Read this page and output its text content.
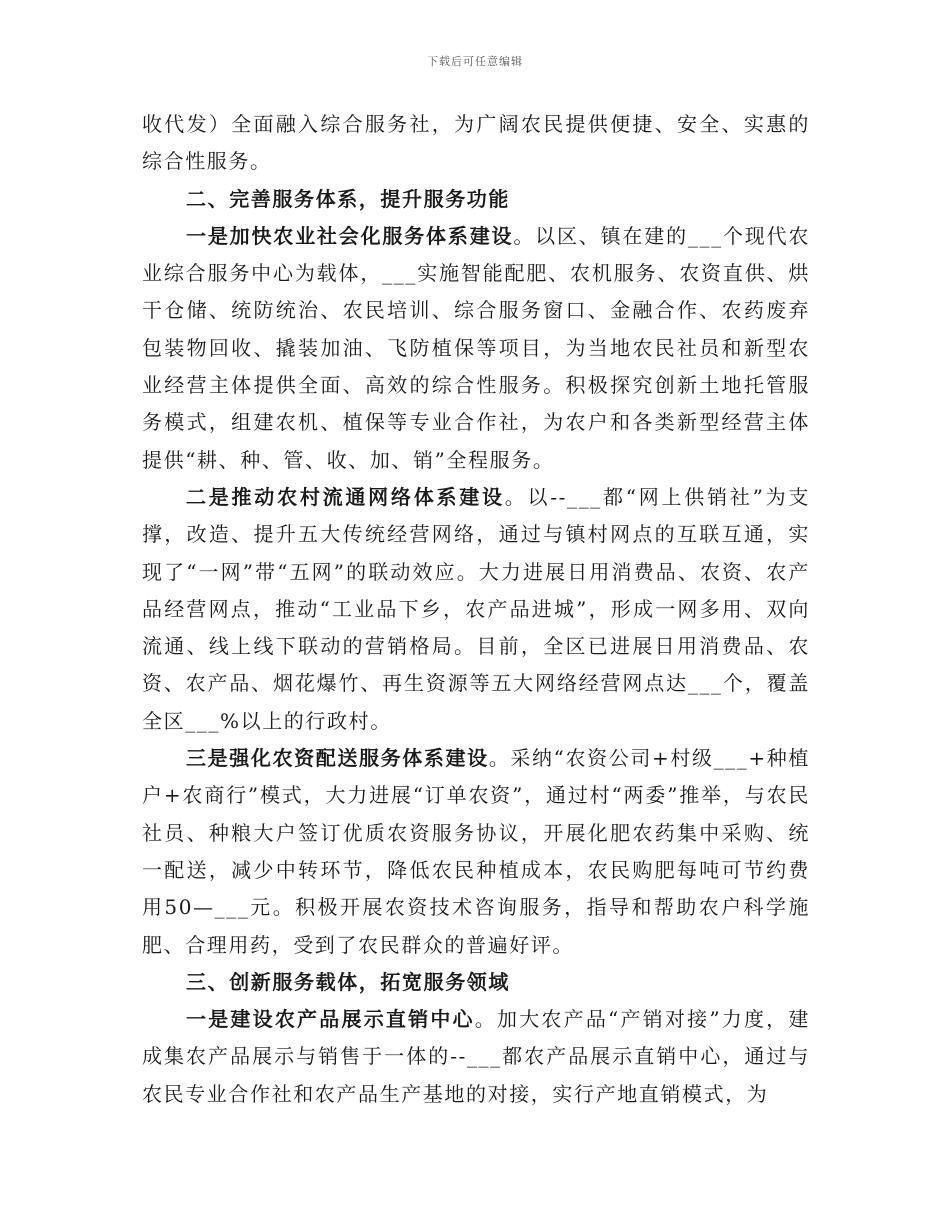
下载后可任意编辑

收代发）全面融入综合服务社，为广阔农民提供便捷、安全、实惠的综合性服务。

二、完善服务体系，提升服务功能

一是加快农业社会化服务体系建设。以区、镇在建的___个现代农业综合服务中心为载体，___实施智能配肥、农机服务、农资直供、烘干仓储、统防统治、农民培训、综合服务窗口、金融合作、农药废弃包装物回收、撬装加油、飞防植保等项目，为当地农民社员和新型农业经营主体提供全面、高效的综合性服务。积极探究创新土地托管服务模式，组建农机、植保等专业合作社，为农户和各类新型经营主体提供“耕、种、管、收、加、销”全程服务。

二是推动农村流通网络体系建设。以--___都“网上供销社”为支撑，改造、提升五大传统经营网络，通过与镇村网点的互联互通，实现了“一网”带“五网”的联动效应。大力进展日用消费品、农资、农产品经营网点，推动“工业品下乡，农产品进城”，形成一网多用、双向流通、线上线下联动的营销格局。目前，全区已进展日用消费品、农资、农产品、烟花爆竹、再生资源等五大网络经营网点达___个，覆盖全区___%以上的行政村。

三是强化农资配送服务体系建设。采纳“农资公司+村级___+种植户+农商行”模式，大力进展“订单农资”，通过村“两委”推举，与农民社员、种粮大户签订优质农资服务协议，开展化肥农药集中采购、统一配送，减少中转环节，降低农民种植成本，农民购肥每吨可节约费用50—___元。积极开展农资技术咨询服务，指导和帮助农户科学施肥、合理用药，受到了农民群众的普遍好评。

三、创新服务载体，拓宽服务领域

一是建设农产品展示直销中心。加大农产品“产销对接”力度，建成集农产品展示与销售于一体的--___都农产品展示直销中心，通过与农民专业合作社和农产品生产基地的对接，实行产地直销模式，为
